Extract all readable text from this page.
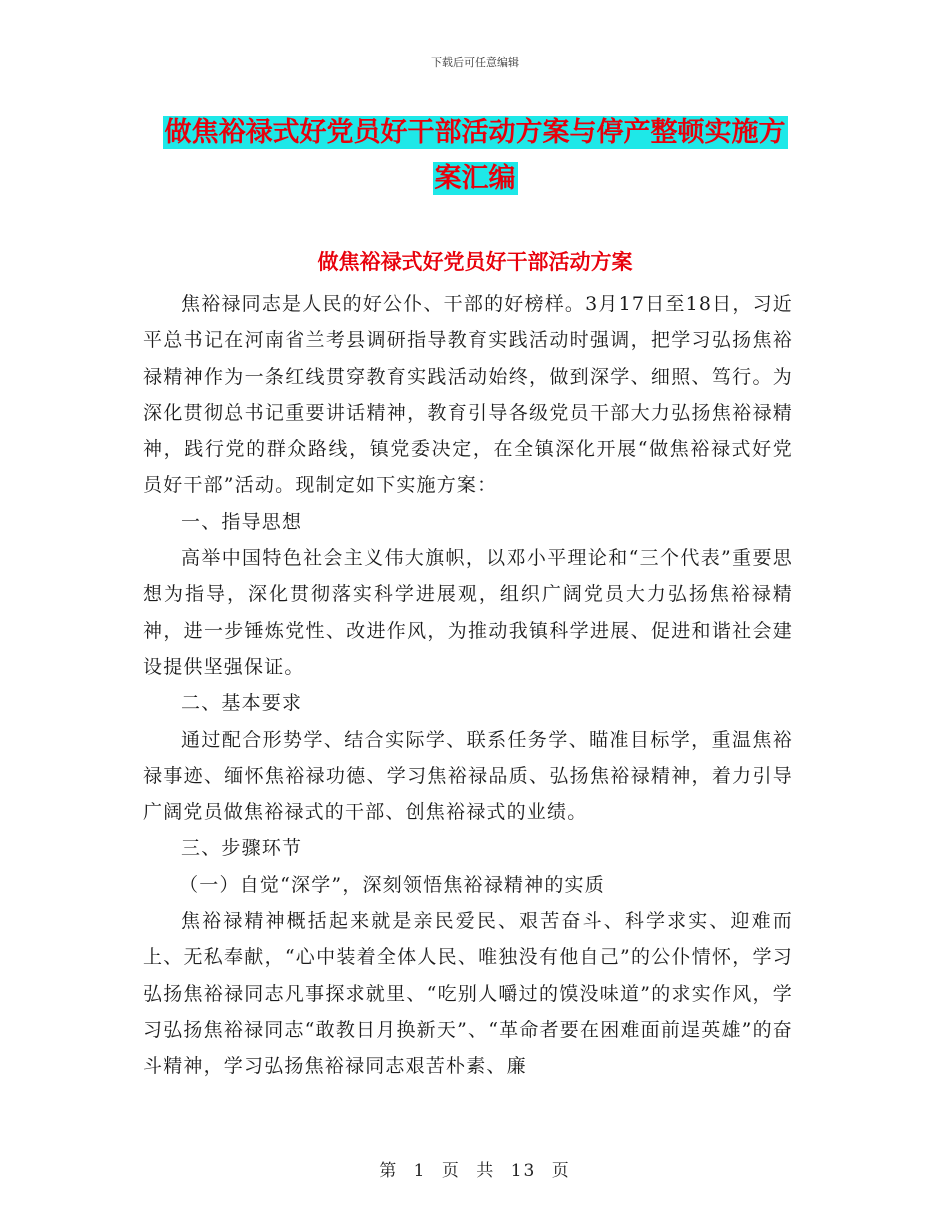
下载后可任意编辑
做焦裕禄式好党员好干部活动方案与停产整顿实施方
案汇编
做焦裕禄式好党员好干部活动方案

焦裕禄同志是人民的好公仆、干部的好榜样。3月17日至18日，习近平总书记在河南省兰考县调研指导教育实践活动时强调，把学习弘扬焦裕禄精神作为一条红线贯穿教育实践活动始终，做到深学、细照、笃行。为深化贯彻总书记重要讲话精神，教育引导各级党员干部大力弘扬焦裕禄精神，践行党的群众路线，镇党委决定，在全镇深化开展“做焦裕禄式好党员好干部”活动。现制定如下实施方案：

一、指导思想

高举中国特色社会主义伟大旗帜，以邓小平理论和“三个代表”重要思想为指导，深化贯彻落实科学进展观，组织广阔党员大力弘扬焦裕禄精神，进一步锤炼党性、改进作风，为推动我镇科学进展、促进和谐社会建设提供坚强保证。

二、基本要求

通过配合形势学、结合实际学、联系任务学、瞄准目标学，重温焦裕禄事迹、缅怀焦裕禄功德、学习焦裕禄品质、弘扬焦裕禄精神，着力引导广阔党员做焦裕禄式的干部、创焦裕禄式的业绩。

三、步骤环节

（一）自觉“深学”，深刻领悟焦裕禄精神的实质

焦裕禄精神概括起来就是亲民爱民、艰苦奋斗、科学求实、迎难而上、无私奉献，“心中装着全体人民、唯独没有他自己”的公仆情怀，学习弘扬焦裕禄同志凡事探求就里、“吃别人嚼过的馍没味道”的求实作风，学习弘扬焦裕禄同志“敢教日月换新天”、“革命者要在困难面前逞英雄”的奋斗精神，学习弘扬焦裕禄同志艰苦朴素、廉

第 1 页 共 13 页
